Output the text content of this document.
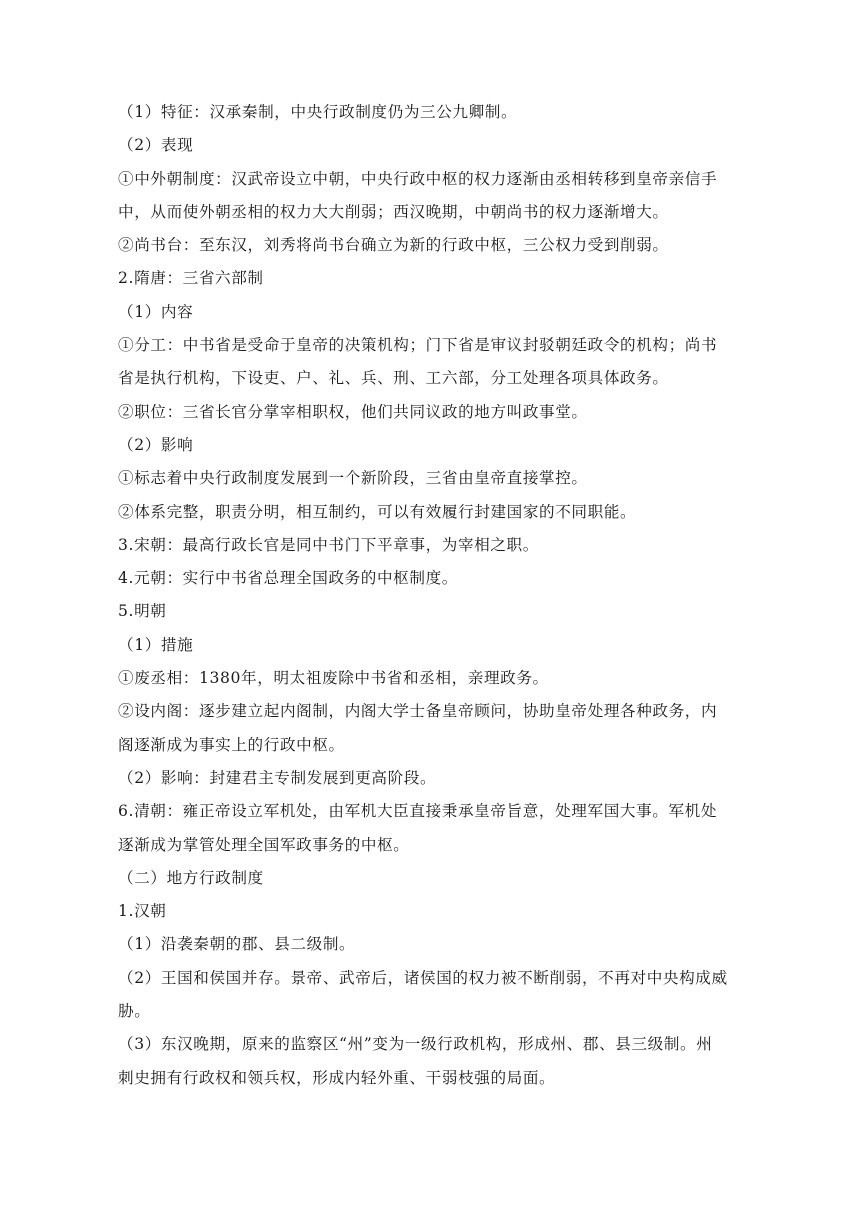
（1）特征：汉承秦制，中央行政制度仍为三公九卿制。

（2）表现

①中外朝制度：汉武帝设立中朝，中央行政中枢的权力逐渐由丞相转移到皇帝亲信手

中，从而使外朝丞相的权力大大削弱；西汉晚期，中朝尚书的权力逐渐增大。

②尚书台：至东汉，刘秀将尚书台确立为新的行政中枢，三公权力受到削弱。

2.隋唐：三省六部制

（1）内容

①分工：中书省是受命于皇帝的决策机构；门下省是审议封驳朝廷政令的机构；尚书

省是执行机构，下设吏、户、礼、兵、刑、工六部，分工处理各项具体政务。

②职位：三省长官分掌宰相职权，他们共同议政的地方叫政事堂。

（2）影响

①标志着中央行政制度发展到一个新阶段，三省由皇帝直接掌控。

②体系完整，职责分明，相互制约，可以有效履行封建国家的不同职能。

3.宋朝：最高行政长官是同中书门下平章事，为宰相之职。

4.元朝：实行中书省总理全国政务的中枢制度。

5.明朝

（1）措施

①废丞相：1380年，明太祖废除中书省和丞相，亲理政务。

②设内阁：逐步建立起内阁制，内阁大学士备皇帝顾问，协助皇帝处理各种政务，内

阁逐渐成为事实上的行政中枢。

（2）影响：封建君主专制发展到更高阶段。

6.清朝：雍正帝设立军机处，由军机大臣直接秉承皇帝旨意，处理军国大事。军机处

逐渐成为掌管处理全国军政事务的中枢。

（二）地方行政制度

1.汉朝

（1）沿袭秦朝的郡、县二级制。

（2）王国和侯国并存。景帝、武帝后，诸侯国的权力被不断削弱，不再对中央构成威

胁。

（3）东汉晚期，原来的监察区“州”变为一级行政机构，形成州、郡、县三级制。州

刺史拥有行政权和领兵权，形成内轻外重、干弱枝强的局面。
